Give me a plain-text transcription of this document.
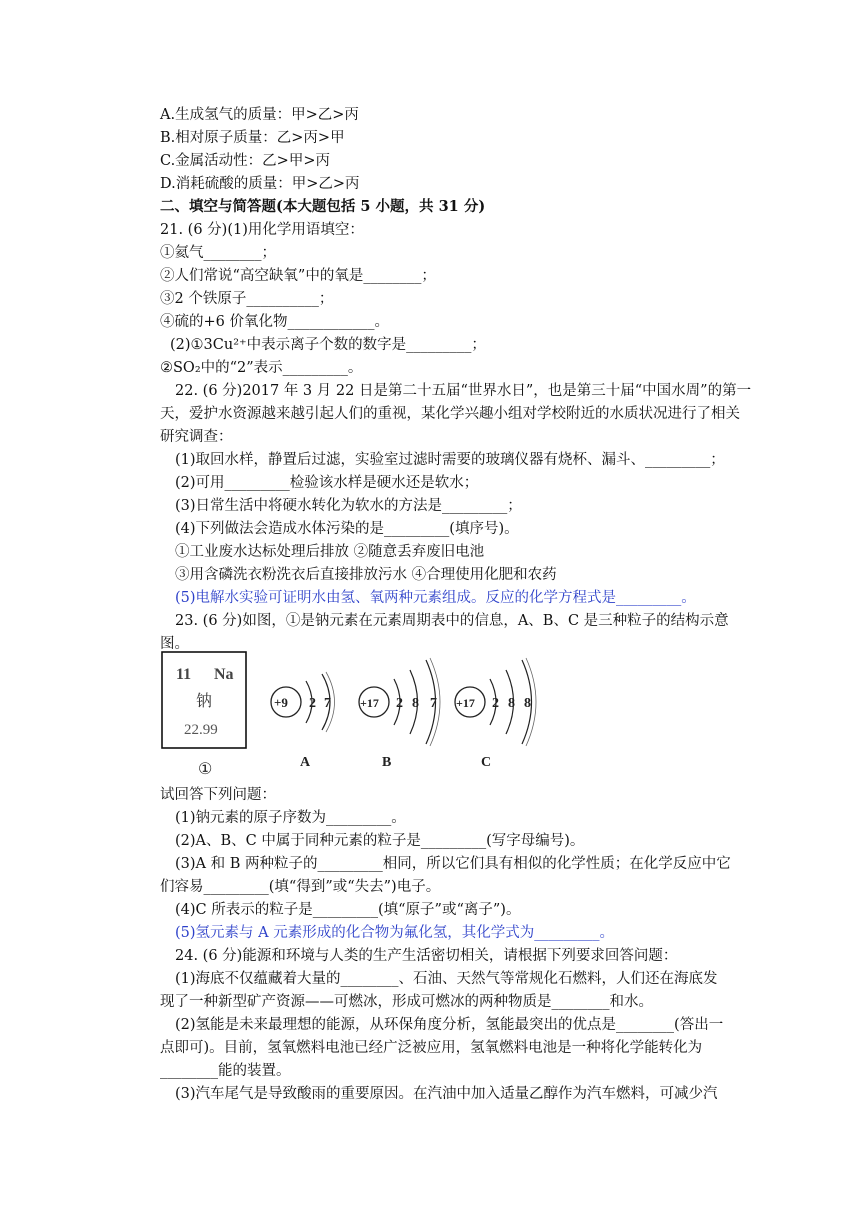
A.生成氢气的质量：甲>乙>丙
B.相对原子质量：乙>丙>甲
C.金属活动性：乙>甲>丙
D.消耗硫酸的质量：甲>乙>丙
二、填空与简答题(本大题包括 5 小题，共 31 分)
21. (6 分)(1)用化学用语填空：
①氦气________；
②人们常说“高空缺氧”中的氧是________；
③2 个铁原子__________；
④硫的+6 价氧化物____________。
(2)①3Cu²⁺中表示离子个数的数字是_________；
②SO₂中的“2”表示_________。
22. (6 分)2017 年 3 月 22 日是第二十五届“世界水日”，也是第三十届“中国水周”的第一
天，爱护水资源越来越引起人们的重视，某化学兴趣小组对学校附近的水质状况进行了相关
研究调查：
(1)取回水样，静置后过滤，实验室过滤时需要的玻璃仪器有烧杯、漏斗、_________；
(2)可用_________检验该水样是硬水还是软水；
(3)日常生活中将硬水转化为软水的方法是_________；
(4)下列做法会造成水体污染的是_________(填序号)。
①工业废水达标处理后排放 ②随意丢弃废旧电池
③用含磷洗衣粉洗衣后直接排放污水 ④合理使用化肥和农药
(5)电解水实验可证明水由氢、氧两种元素组成。反应的化学方程式是_________。
23. (6 分)如图，①是钠元素在元素周期表中的信息，A、B、C 是三种粒子的结构示意
图。
试回答下列问题：
(1)钠元素的原子序数为_________。
(2)A、B、C 中属于同种元素的粒子是_________(写字母编号)。
(3)A 和 B 两种粒子的_________相同，所以它们具有相似的化学性质；在化学反应中它
们容易_________(填“得到”或“失去”)电子。
(4)C 所表示的粒子是_________(填“原子”或“离子”)。
(5)氢元素与 A 元素形成的化合物为氟化氢，其化学式为_________。
24. (6 分)能源和环境与人类的生产生活密切相关，请根据下列要求回答问题：
(1)海底不仅蕴藏着大量的________、石油、天然气等常规化石燃料，人们还在海底发
现了一种新型矿产资源——可燃冰，形成可燃冰的两种物质是________和水。
(2)氢能是未来最理想的能源，从环保角度分析，氢能最突出的优点是________(答出一
点即可)。目前，氢氧燃料电池已经广泛被应用，氢氧燃料电池是一种将化学能转化为
________能的装置。
(3)汽车尾气是导致酸雨的重要原因。在汽油中加入适量乙醇作为汽车燃料，可减少汽
11 Na
钠
22.99
①
+9 2 7
A
+17 2 8 7
B
+17 2 8 8
C
